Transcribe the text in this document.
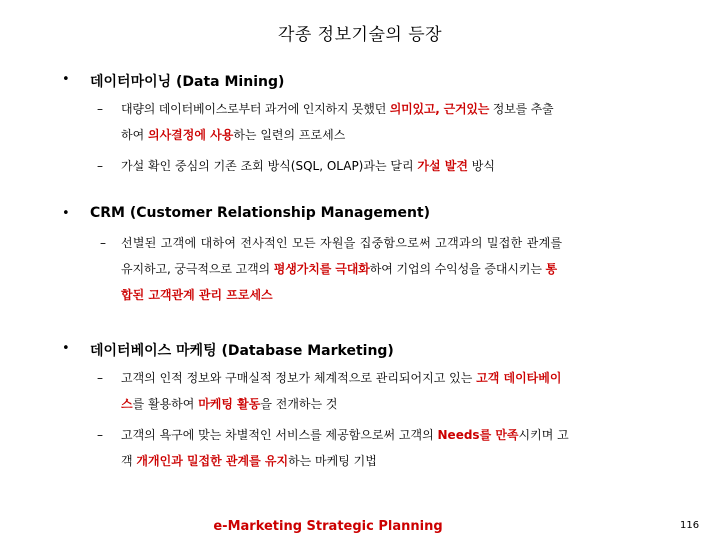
각종 정보기술의 등장
• 데이터마이닝 (Data Mining)
– 대량의 데이터베이스로부터 과거에 인지하지 못했던 의미있고, 근거있는 정보를 추출
하여 의사결정에 사용하는 일련의 프로세스
– 가설 확인 중심의 기존 조회 방식(SQL, OLAP)과는 달리 가설 발견 방식
• CRM (Customer Relationship Management)
– 선별된 고객에 대하여 전사적인 모든 자원을 집중함으로써 고객과의 밀접한 관계를
유지하고, 궁극적으로 고객의 평생가치를 극대화하여 기업의 수익성을 증대시키는 통
합된 고객관계 관리 프로세스
• 데이터베이스 마케팅 (Database Marketing)
– 고객의 인적 정보와 구매실적 정보가 체계적으로 관리되어지고 있는 고객 데이타베이
스를 활용하여 마케팅 활동을 전개하는 것
– 고객의 욕구에 맞는 차별적인 서비스를 제공함으로써 고객의 Needs를 만족시키며 고
객 개개인과 밀접한 관계를 유지하는 마케팅 기법
e-Marketing Strategic Planning	116
